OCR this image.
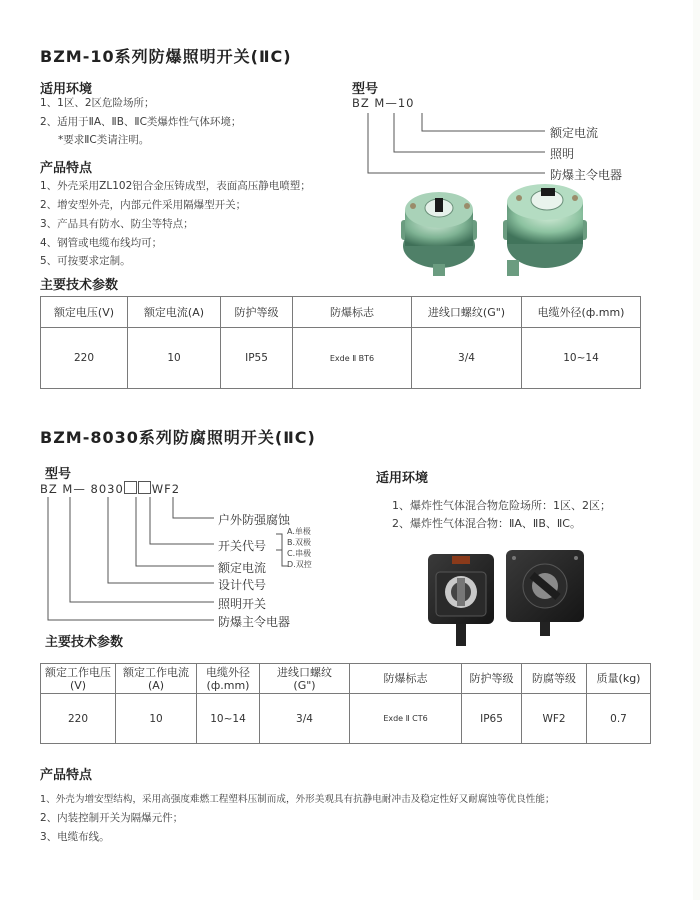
BZM-10系列防爆照明开关(ⅡC)
适用环境
1、1区、2区危险场所；
2、适用于ⅡA、ⅡB、ⅡC类爆炸性气体环境；
*要求ⅡC类请注明。
产品特点
1、外壳采用ZL102铝合金压铸成型，表面高压静电喷塑；
2、增安型外壳，内部元件采用隔爆型开关；
3、产品具有防水、防尘等特点；
4、钢管或电缆布线均可；
5、可按要求定制。
主要技术参数
型号
BZ M—10
额定电流
照明
防爆主令电器
额定电压(V)	额定电流(A)	防护等级	防爆标志	进线口螺纹(G")	电缆外径(ф.mm)
220	10	IP55	Exde Ⅱ BT6	3/4	10~14
BZM-8030系列防腐照明开关(ⅡC)
型号
BZ M— 8030 WF2
户外防强腐蚀
开关代号
额定电流
设计代号
照明开关
防爆主令电器
A.单极
B.双极
C.串极
D.双控
适用环境
1、爆炸性气体混合物危险场所：1区、2区；
2、爆炸性气体混合物：ⅡA、ⅡB、ⅡC。
主要技术参数
额定工作电压
(V)	额定工作电流
(A)	电缆外径
(ф.mm)	进线口螺纹
(G")	防爆标志	防护等级	防腐等级	质量(kg)
220	10	10~14	3/4	Exde Ⅱ CT6	IP65	WF2	0.7
产品特点
1、外壳为增安型结构，采用高强度难燃工程塑料压制而成，外形美观具有抗静电耐冲击及稳定性好又耐腐蚀等优良性能；
2、内装控制开关为隔爆元件；
3、电缆布线。
